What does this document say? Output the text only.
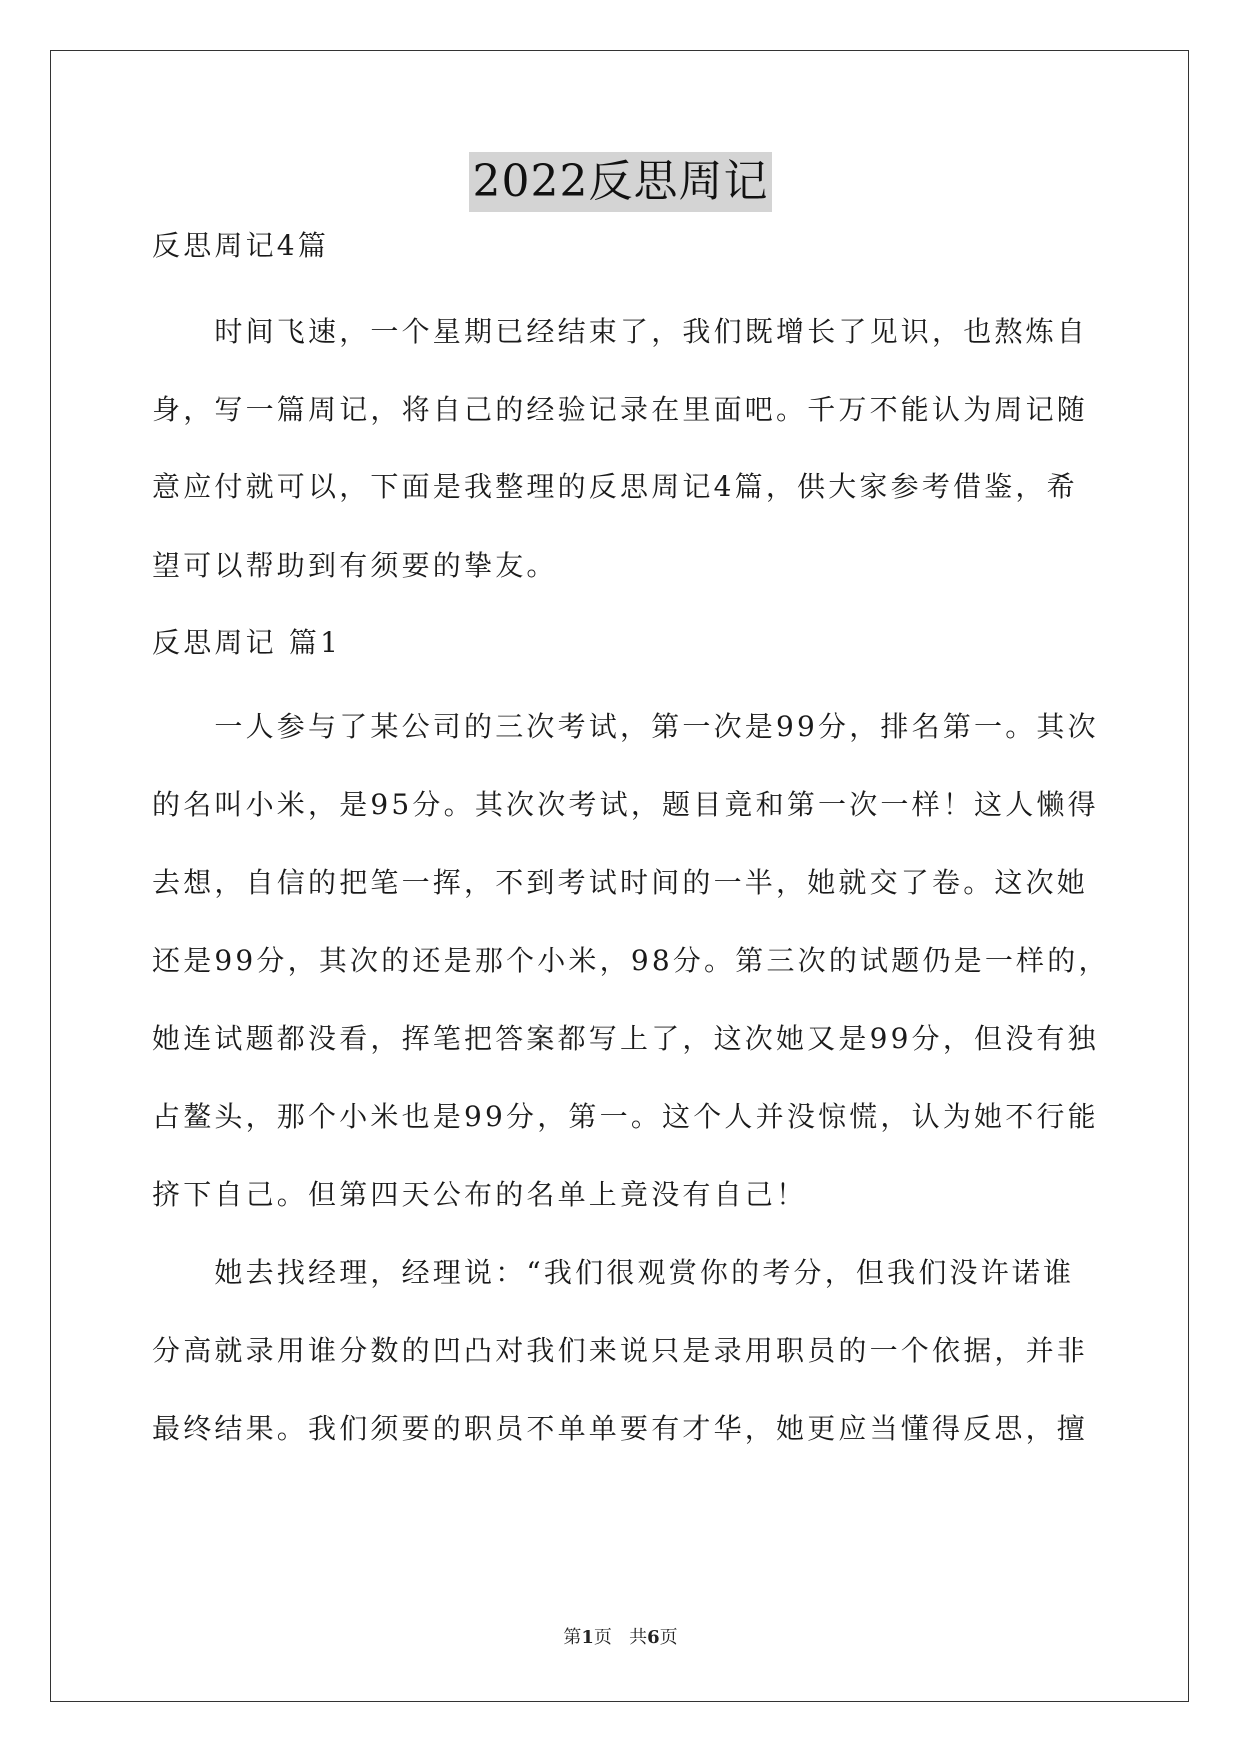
2022反思周记
反思周记4篇
　　时间飞速，一个星期已经结束了，我们既增长了见识，也熬炼自
身，写一篇周记，将自己的经验记录在里面吧。千万不能认为周记随
意应付就可以，下面是我整理的反思周记4篇，供大家参考借鉴，希
望可以帮助到有须要的挚友。
反思周记 篇1
　　一人参与了某公司的三次考试，第一次是99分，排名第一。其次
的名叫小米，是95分。其次次考试，题目竟和第一次一样！这人懒得
去想，自信的把笔一挥，不到考试时间的一半，她就交了卷。这次她
还是99分，其次的还是那个小米，98分。第三次的试题仍是一样的，
她连试题都没看，挥笔把答案都写上了，这次她又是99分，但没有独
占鳌头，那个小米也是99分，第一。这个人并没惊慌，认为她不行能
挤下自己。但第四天公布的名单上竟没有自己！
　　她去找经理，经理说：“我们很观赏你的考分，但我们没许诺谁
分高就录用谁分数的凹凸对我们来说只是录用职员的一个依据，并非
最终结果。我们须要的职员不单单要有才华，她更应当懂得反思，擅
第1页   共6页
